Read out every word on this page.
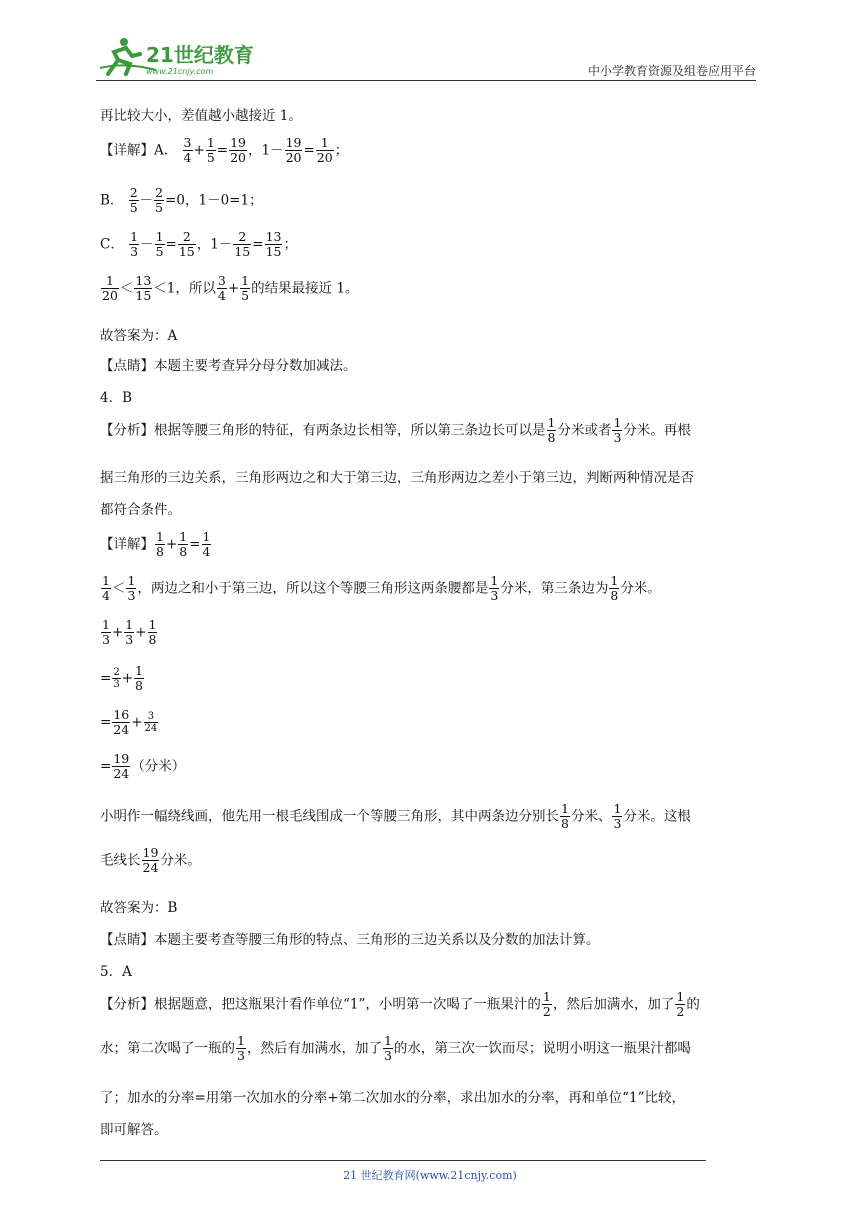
21世纪教育
www.21cnjy.com	中小学教育资源及组卷应用平台
再比较大小，差值越小越接近 1。
【详解】A． $\frac{3}{4} + \frac{1}{5} = \frac{19}{20}$ ，$1- \frac{19}{20} = \frac{1}{20}$ ；
B． $\frac{2}{5} - \frac{2}{5} =0$，1－0=1；
C． $\frac{1}{3} - \frac{1}{5} = \frac{2}{15}$ ，$1- \frac{2}{15} = \frac{13}{15}$ ；
$\frac{1}{20} < \frac{13}{15} <1$，所以 $\frac{3}{4} + \frac{1}{5}$ 的结果最接近 1。
故答案为：A
【点睛】本题主要考查异分母分数加减法。
4．B
【分析】根据等腰三角形的特征，有两条边长相等，所以第三条边长可以是 $\frac{1}{8}$ 分米或者 $\frac{1}{3}$ 分米。再根
据三角形的三边关系，三角形两边之和大于第三边，三角形两边之差小于第三边，判断两种情况是否
都符合条件。
【详解】 $\frac{1}{8} + \frac{1}{8} = \frac{1}{4}$
$\frac{1}{4} < \frac{1}{3}$ ，两边之和小于第三边，所以这个等腰三角形这两条腰都是 $\frac{1}{3}$ 分米，第三条边为 $\frac{1}{8}$ 分米。
$\frac{1}{3} + \frac{1}{3} + \frac{1}{8}$
= $\frac{2}{3} + \frac{1}{8}$
= $\frac{16}{24} + \frac{3}{24}$
= $\frac{19}{24}$ （分米）
小明作一幅绕线画，他先用一根毛线围成一个等腰三角形，其中两条边分别长 $\frac{1}{8}$ 分米、 $\frac{1}{3}$ 分米。这根
毛线长 $\frac{19}{24}$ 分米。
故答案为：B
【点睛】本题主要考查等腰三角形的特点、三角形的三边关系以及分数的加法计算。
5．A
【分析】根据题意，把这瓶果汁看作单位“1”，小明第一次喝了一瓶果汁的 $\frac{1}{2}$ ，然后加满水，加了 $\frac{1}{2}$ 的
水；第二次喝了一瓶的 $\frac{1}{3}$ ，然后有加满水，加了 $\frac{1}{3}$ 的水，第三次一饮而尽；说明小明这一瓶果汁都喝
了；加水的分率=用第一次加水的分率+第二次加水的分率，求出加水的分率，再和单位“1”比较，
即可解答。
21 世纪教育网(www.21cnjy.com)
